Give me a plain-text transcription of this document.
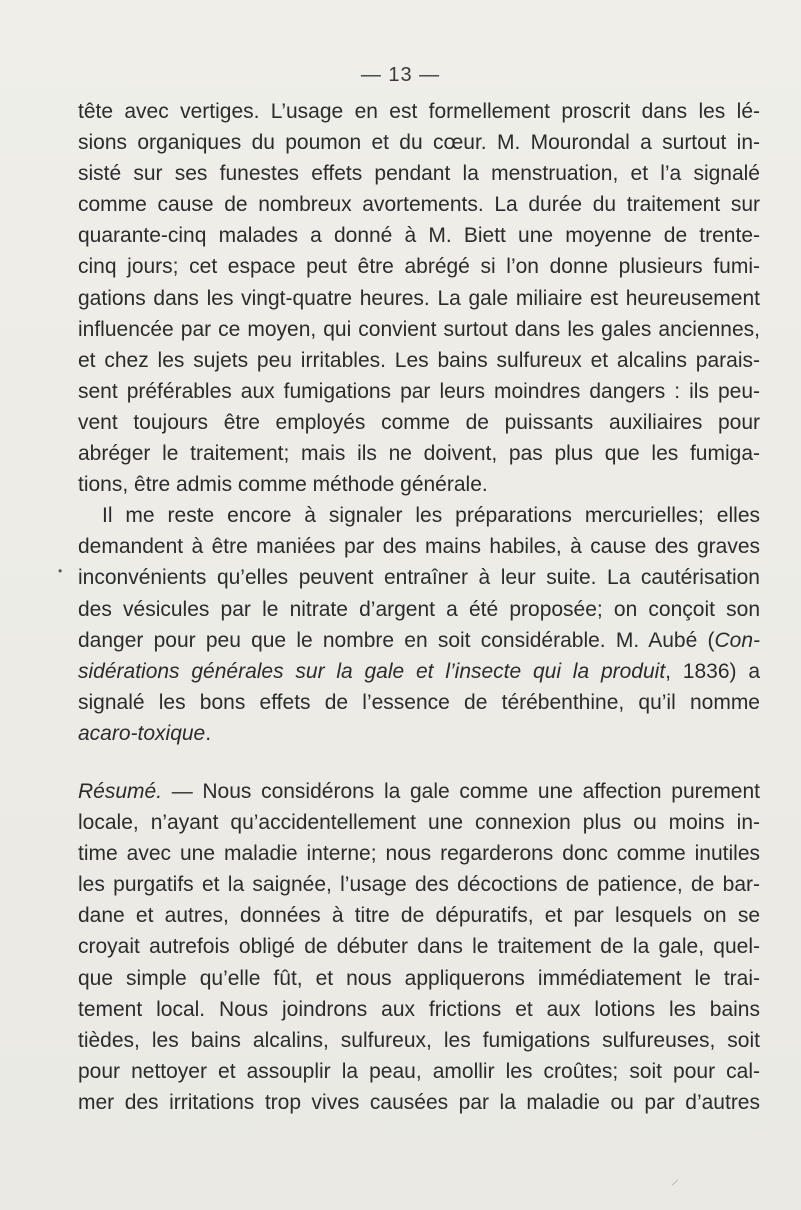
— 13 —
•
tête avec vertiges. L’usage en est formellement proscrit dans les lé-
sions organiques du poumon et du cœur. M. Mourondal a surtout in-
sisté sur ses funestes effets pendant la menstruation, et l’a signalé
comme cause de nombreux avortements. La durée du traitement sur
quarante-cinq malades a donné à M. Biett une moyenne de trente-
cinq jours; cet espace peut être abrégé si l’on donne plusieurs fumi-
gations dans les vingt-quatre heures. La gale miliaire est heureusement
influencée par ce moyen, qui convient surtout dans les gales anciennes,
et chez les sujets peu irritables. Les bains sulfureux et alcalins parais-
sent préférables aux fumigations par leurs moindres dangers : ils peu-
vent toujours être employés comme de puissants auxiliaires pour
abréger le traitement; mais ils ne doivent, pas plus que les fumiga-
tions, être admis comme méthode générale.
Il me reste encore à signaler les préparations mercurielles; elles
demandent à être maniées par des mains habiles, à cause des graves
inconvénients qu’elles peuvent entraîner à leur suite. La cautérisation
des vésicules par le nitrate d’argent a été proposée; on conçoit son
danger pour peu que le nombre en soit considérable. M. Aubé (Con-
sidérations générales sur la gale et l’insecte qui la produit, 1836) a
signalé les bons effets de l’essence de térébenthine, qu’il nomme
acaro-toxique.
Résumé. — Nous considérons la gale comme une affection purement
locale, n’ayant qu’accidentellement une connexion plus ou moins in-
time avec une maladie interne; nous regarderons donc comme inutiles
les purgatifs et la saignée, l’usage des décoctions de patience, de bar-
dane et autres, données à titre de dépuratifs, et par lesquels on se
croyait autrefois obligé de débuter dans le traitement de la gale, quel-
que simple qu’elle fût, et nous appliquerons immédiatement le trai-
tement local. Nous joindrons aux frictions et aux lotions les bains
tièdes, les bains alcalins, sulfureux, les fumigations sulfureuses, soit
pour nettoyer et assouplir la peau, amollir les croûtes; soit pour cal-
mer des irritations trop vives causées par la maladie ou par d’autres
